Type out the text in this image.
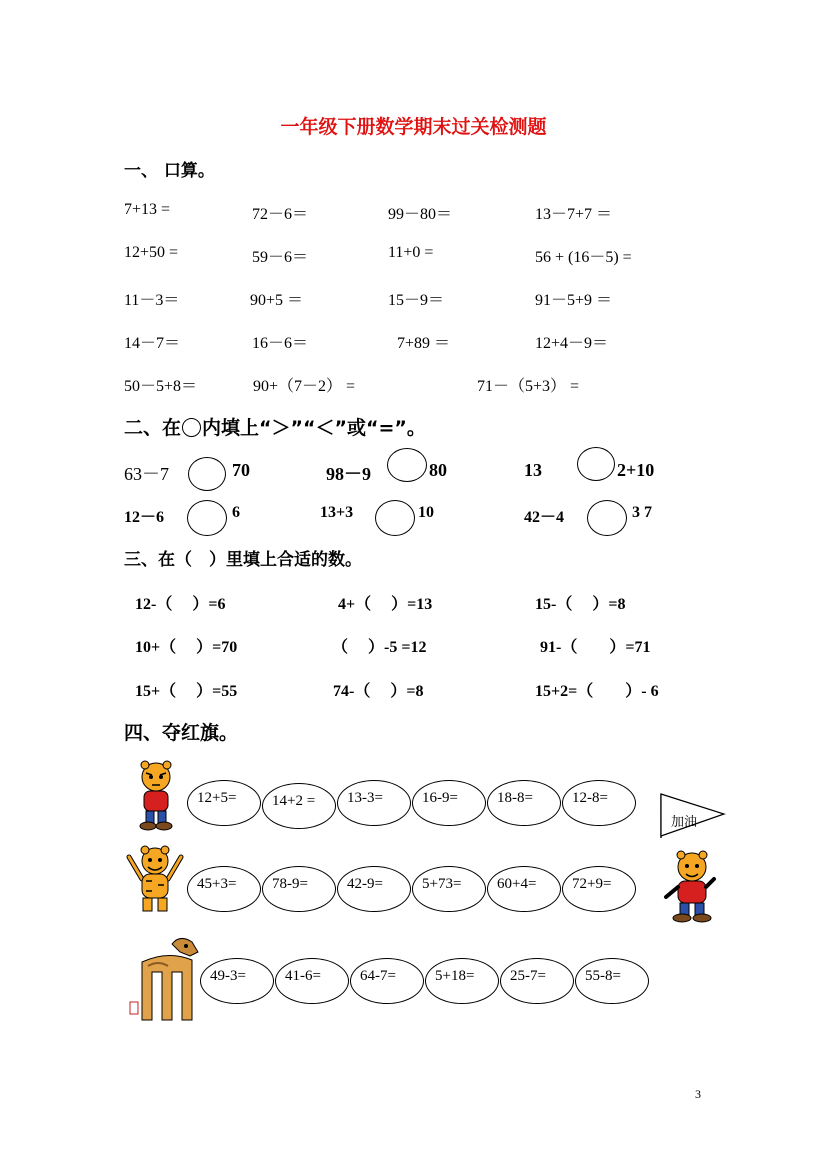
一年级下册数学期末过关检测题
一、 口算。
7+13 =	72－6＝	99－80＝	13－7+7 ＝
12+50 =	59－6＝	11+0 =	56 + (16－5) =
11－3＝	90+5 ＝	15－9＝	91－5+9 ＝
14－7＝	16－6＝	7+89 ＝	12+4－9＝
50－5+8＝	90+（7－2） =	71－（5+3） =
二、在 内填上“＞”“＜”或“=”。
63－7	70	98－9	80	13	2+10
12－6	6	13+3	10	42－4	3 7
三、在（　）里填上合适的数。
12-（　 ）=6	4+（　 ）=13	15-（　 ）=8
10+（　 ）=70	（　 ）-5 =12	91-（　　）=71
15+（　 ）=55	74-（　 ）=8	15+2=（　　）- 6
四、夺红旗。
12+5= 14+2 = 13-3=	16-9=	18-8=	12-8=
加油
45+3= 78-9=	42-9=	5+73= 60+4= 72+9=
49-3=	41-6=	64-7=	5+18= 25-7=	55-8=
3
